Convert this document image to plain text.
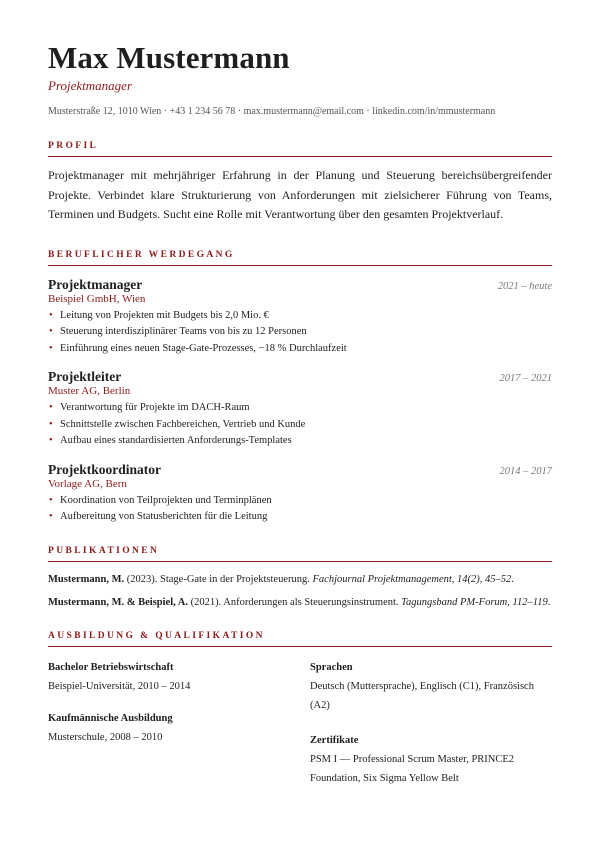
Max Mustermann
Projektmanager
Musterstraße 12, 1010 Wien · +43 1 234 56 78 · max.mustermann@email.com · linkedin.com/in/mmustermann
PROFIL
Projektmanager mit mehrjähriger Erfahrung in der Planung und Steuerung bereichsübergreifender Projekte. Verbindet klare Strukturierung von Anforderungen mit zielsicherer Führung von Teams, Terminen und Budgets. Sucht eine Rolle mit Verantwortung über den gesamten Projektverlauf.
BERUFLICHER WERDEGANG
Projektmanager	2021 – heute
Beispiel GmbH, Wien
• Leitung von Projekten mit Budgets bis 2,0 Mio. €
• Steuerung interdisziplinärer Teams von bis zu 12 Personen
• Einführung eines neuen Stage-Gate-Prozesses, −18 % Durchlaufzeit
Projektleiter	2017 – 2021
Muster AG, Berlin
• Verantwortung für Projekte im DACH-Raum
• Schnittstelle zwischen Fachbereichen, Vertrieb und Kunde
• Aufbau eines standardisierten Anforderungs-Templates
Projektkoordinator	2014 – 2017
Vorlage AG, Bern
• Koordination von Teilprojekten und Terminplänen
• Aufbereitung von Statusberichten für die Leitung
PUBLIKATIONEN
Mustermann, M. (2023). Stage-Gate in der Projektsteuerung. Fachjournal Projektmanagement, 14(2), 45–52.
Mustermann, M. & Beispiel, A. (2021). Anforderungen als Steuerungsinstrument. Tagungsband PM-Forum, 112–119.
AUSBILDUNG & QUALIFIKATION
Bachelor Betriebswirtschaft
Beispiel-Universität, 2010 – 2014
Kaufmännische Ausbildung
Musterschule, 2008 – 2010
Sprachen
Deutsch (Muttersprache), Englisch (C1), Französisch (A2)
Zertifikate
PSM I — Professional Scrum Master, PRINCE2 Foundation, Six Sigma Yellow Belt
